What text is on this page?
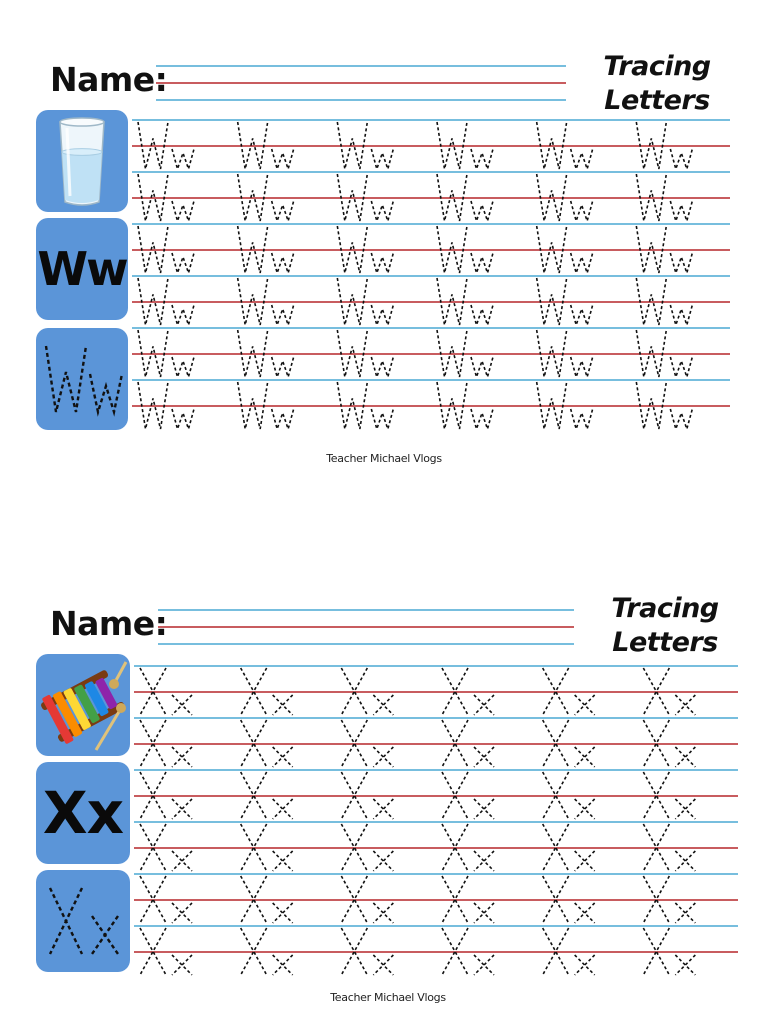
Name:	Tracing
Letters
Ww
Teacher Michael Vlogs
Name:	Tracing
Letters
Xx
Teacher Michael Vlogs
